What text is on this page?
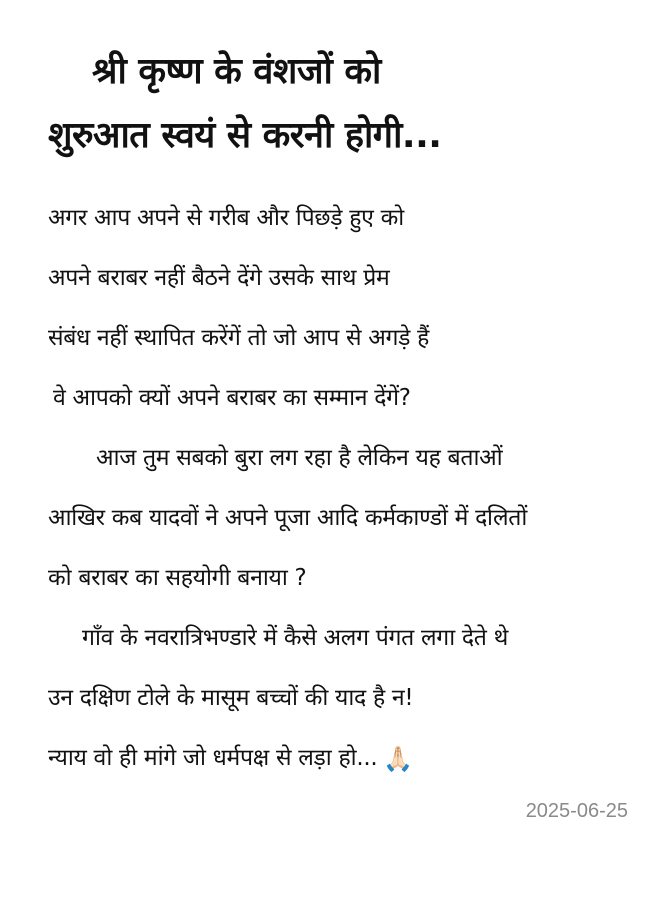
श्री कृष्ण के वंशजों को
शुरुआत स्वयं से करनी होगी...
अगर आप अपने से गरीब और पिछड़े हुए को
अपने बराबर नहीं बैठने देंगे उसके साथ प्रेम
संबंध नहीं स्थापित करेंगें तो जो आप से अगड़े हैं
वे आपको क्यों अपने बराबर का सम्मान देंगें?
आज तुम सबको बुरा लग रहा है लेकिन यह बताओं
आखिर कब यादवों ने अपने पूजा आदि कर्मकाण्डों में दलितों
को बराबर का सहयोगी बनाया ?
गाँव के नवरात्रिभण्डारे में कैसे अलग पंगत लगा देते थे
उन दक्षिण टोले के मासूम बच्चों की याद है न!
न्याय वो ही मांगे जो धर्मपक्ष से लड़ा हो... 🙏🏻
2025-06-25
